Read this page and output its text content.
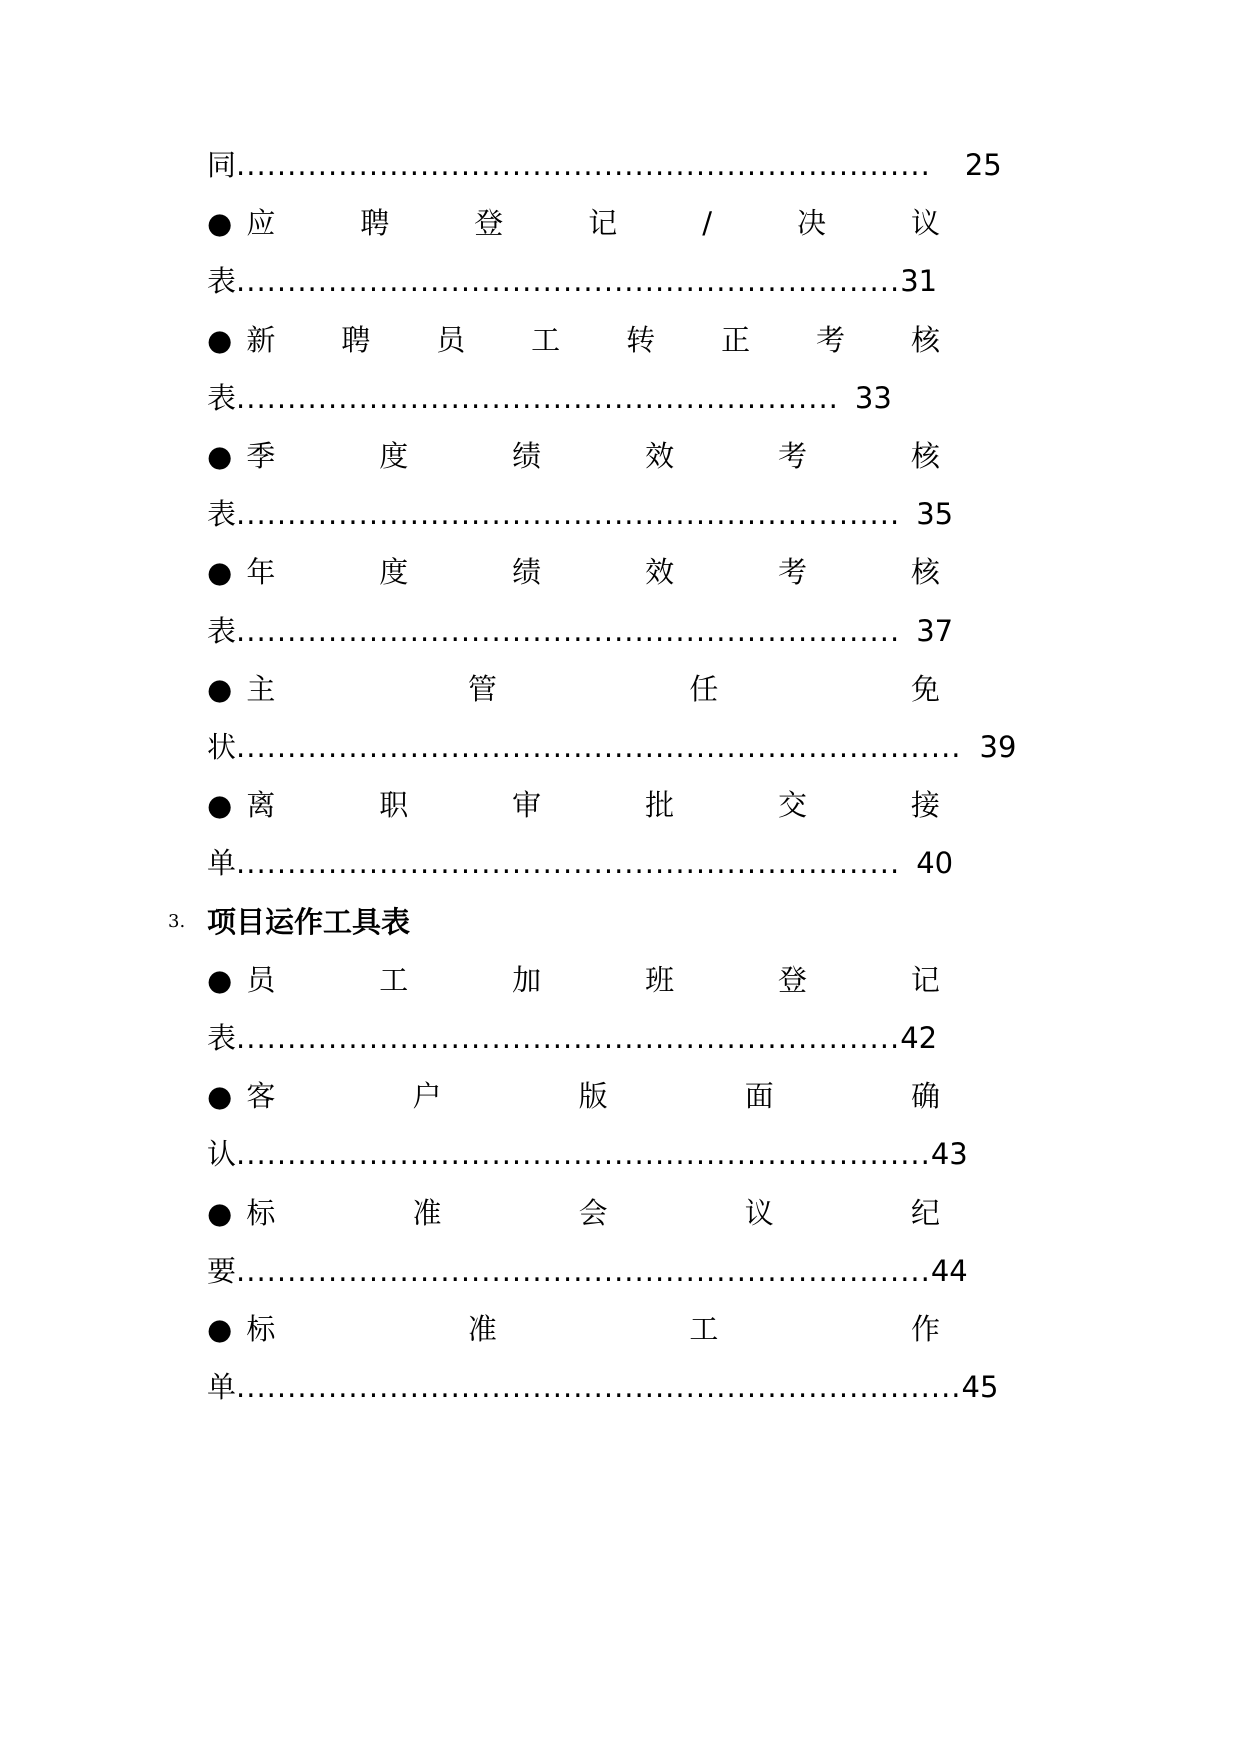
同.................................................................... 25
● 应	聘	登	记	/	决	议
表.................................................................31
● 新 聘 员 工 转 正 考 核
表........................................................... 33
● 季	度	绩	效	考	核
表................................................................. 35
● 年	度	绩	效	考	核
表................................................................. 37
● 主	管	任	免
状....................................................................... 39
● 离	职	审	批	交	接
单................................................................. 40
3. 项目运作工具表
● 员	工	加	班	登	记
表.................................................................42
● 客	户	版	面	确
认....................................................................43
● 标	准	会	议	纪
要....................................................................44
● 标	准	工	作
单.......................................................................45
